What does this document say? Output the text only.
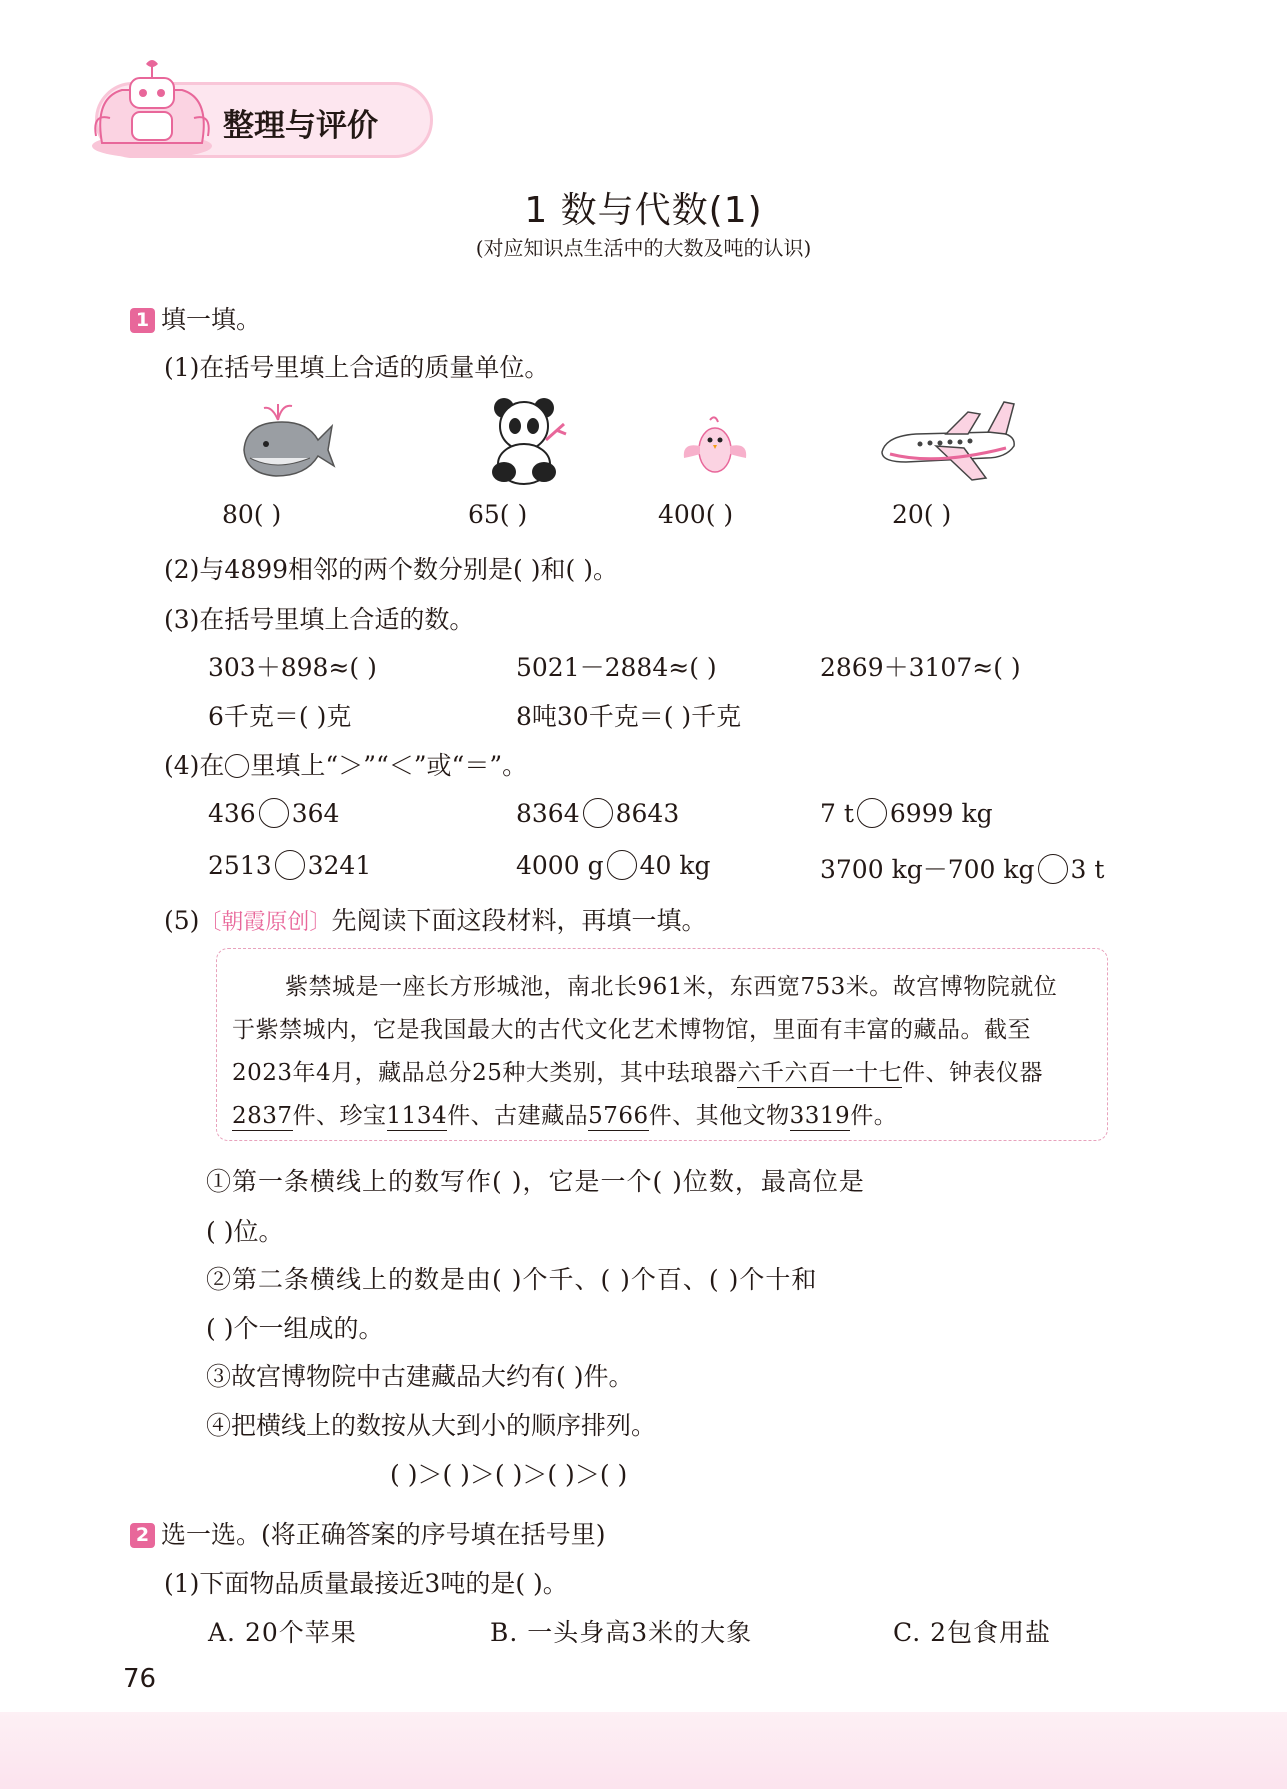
整理与评价
1 数与代数(1)
(对应知识点生活中的大数及吨的认识)
1 填一填。
(1)在括号里填上合适的质量单位。
80( )	65( )	400( )	20( )
(2)与4899相邻的两个数分别是( )和( )。
(3)在括号里填上合适的数。
303＋898≈( )	5021－2884≈( )	2869＋3107≈( )
6千克＝( )克	8吨30千克＝( )千克
(4)在 里填上“＞”“＜”或“＝”。
436 364	8364 8643	7 t 6999 kg
2513 3241	4000 g 40 kg	3700 kg－700 kg 3 t
(5)〔朝霞原创〕先阅读下面这段材料，再填一填。
紫禁城是一座长方形城池，南北长961米，东西宽753米。故宫博物院就位
于紫禁城内，它是我国最大的古代文化艺术博物馆，里面有丰富的藏品。截至
2023年4月，藏品总分25种大类别，其中珐琅器六千六百一十七件、钟表仪器
2837件、珍宝1134件、古建藏品5766件、其他文物3319件。
①第一条横线上的数写作( )，它是一个( )位数，最高位是
( )位。
②第二条横线上的数是由( )个千、( )个百、( )个十和
( )个一组成的。
③故宫博物院中古建藏品大约有( )件。
④把横线上的数按从大到小的顺序排列。
( )＞( )＞( )＞( )＞( )
2 选一选。(将正确答案的序号填在括号里)
(1)下面物品质量最接近3吨的是( )。
A. 20个苹果	B. 一头身高3米的大象	C. 2包食用盐
76
